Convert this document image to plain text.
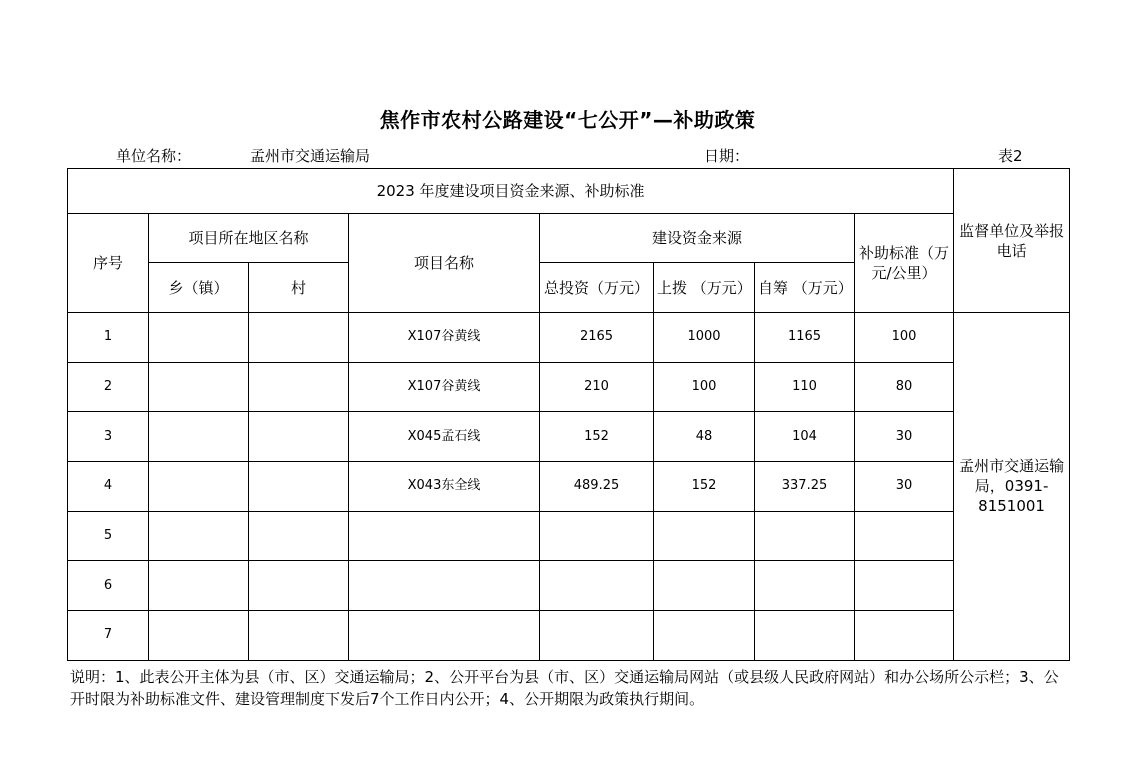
焦作市农村公路建设“七公开”—补助政策
单位名称：	孟州市交通运输局	日期：	表2
2023 年度建设项目资金来源、补助标准								监督单位及举报电话
序号	项目所在地区名称		项目名称	建设资金来源			补助标准（万元/公里）	
	乡（镇）	村		总投资（万元）	上拨 （万元）	自筹 （万元）		
1			X107谷黄线	2165	1000	1165	100	孟州市交通运输局，0391-8151001
2			X107谷黄线	210	100	110	80	
3			X045孟石线	152	48	104	30	
4			X043东全线	489.25	152	337.25	30	
5								
6								
7								
说明：1、此表公开主体为县（市、区）交通运输局；2、公开平台为县（市、区）交通运输局网站（或县级人民政府网站）和办公场所公示栏；3、公开时限为补助标准文件、建设管理制度下发后7个工作日内公开；4、公开期限为政策执行期间。
